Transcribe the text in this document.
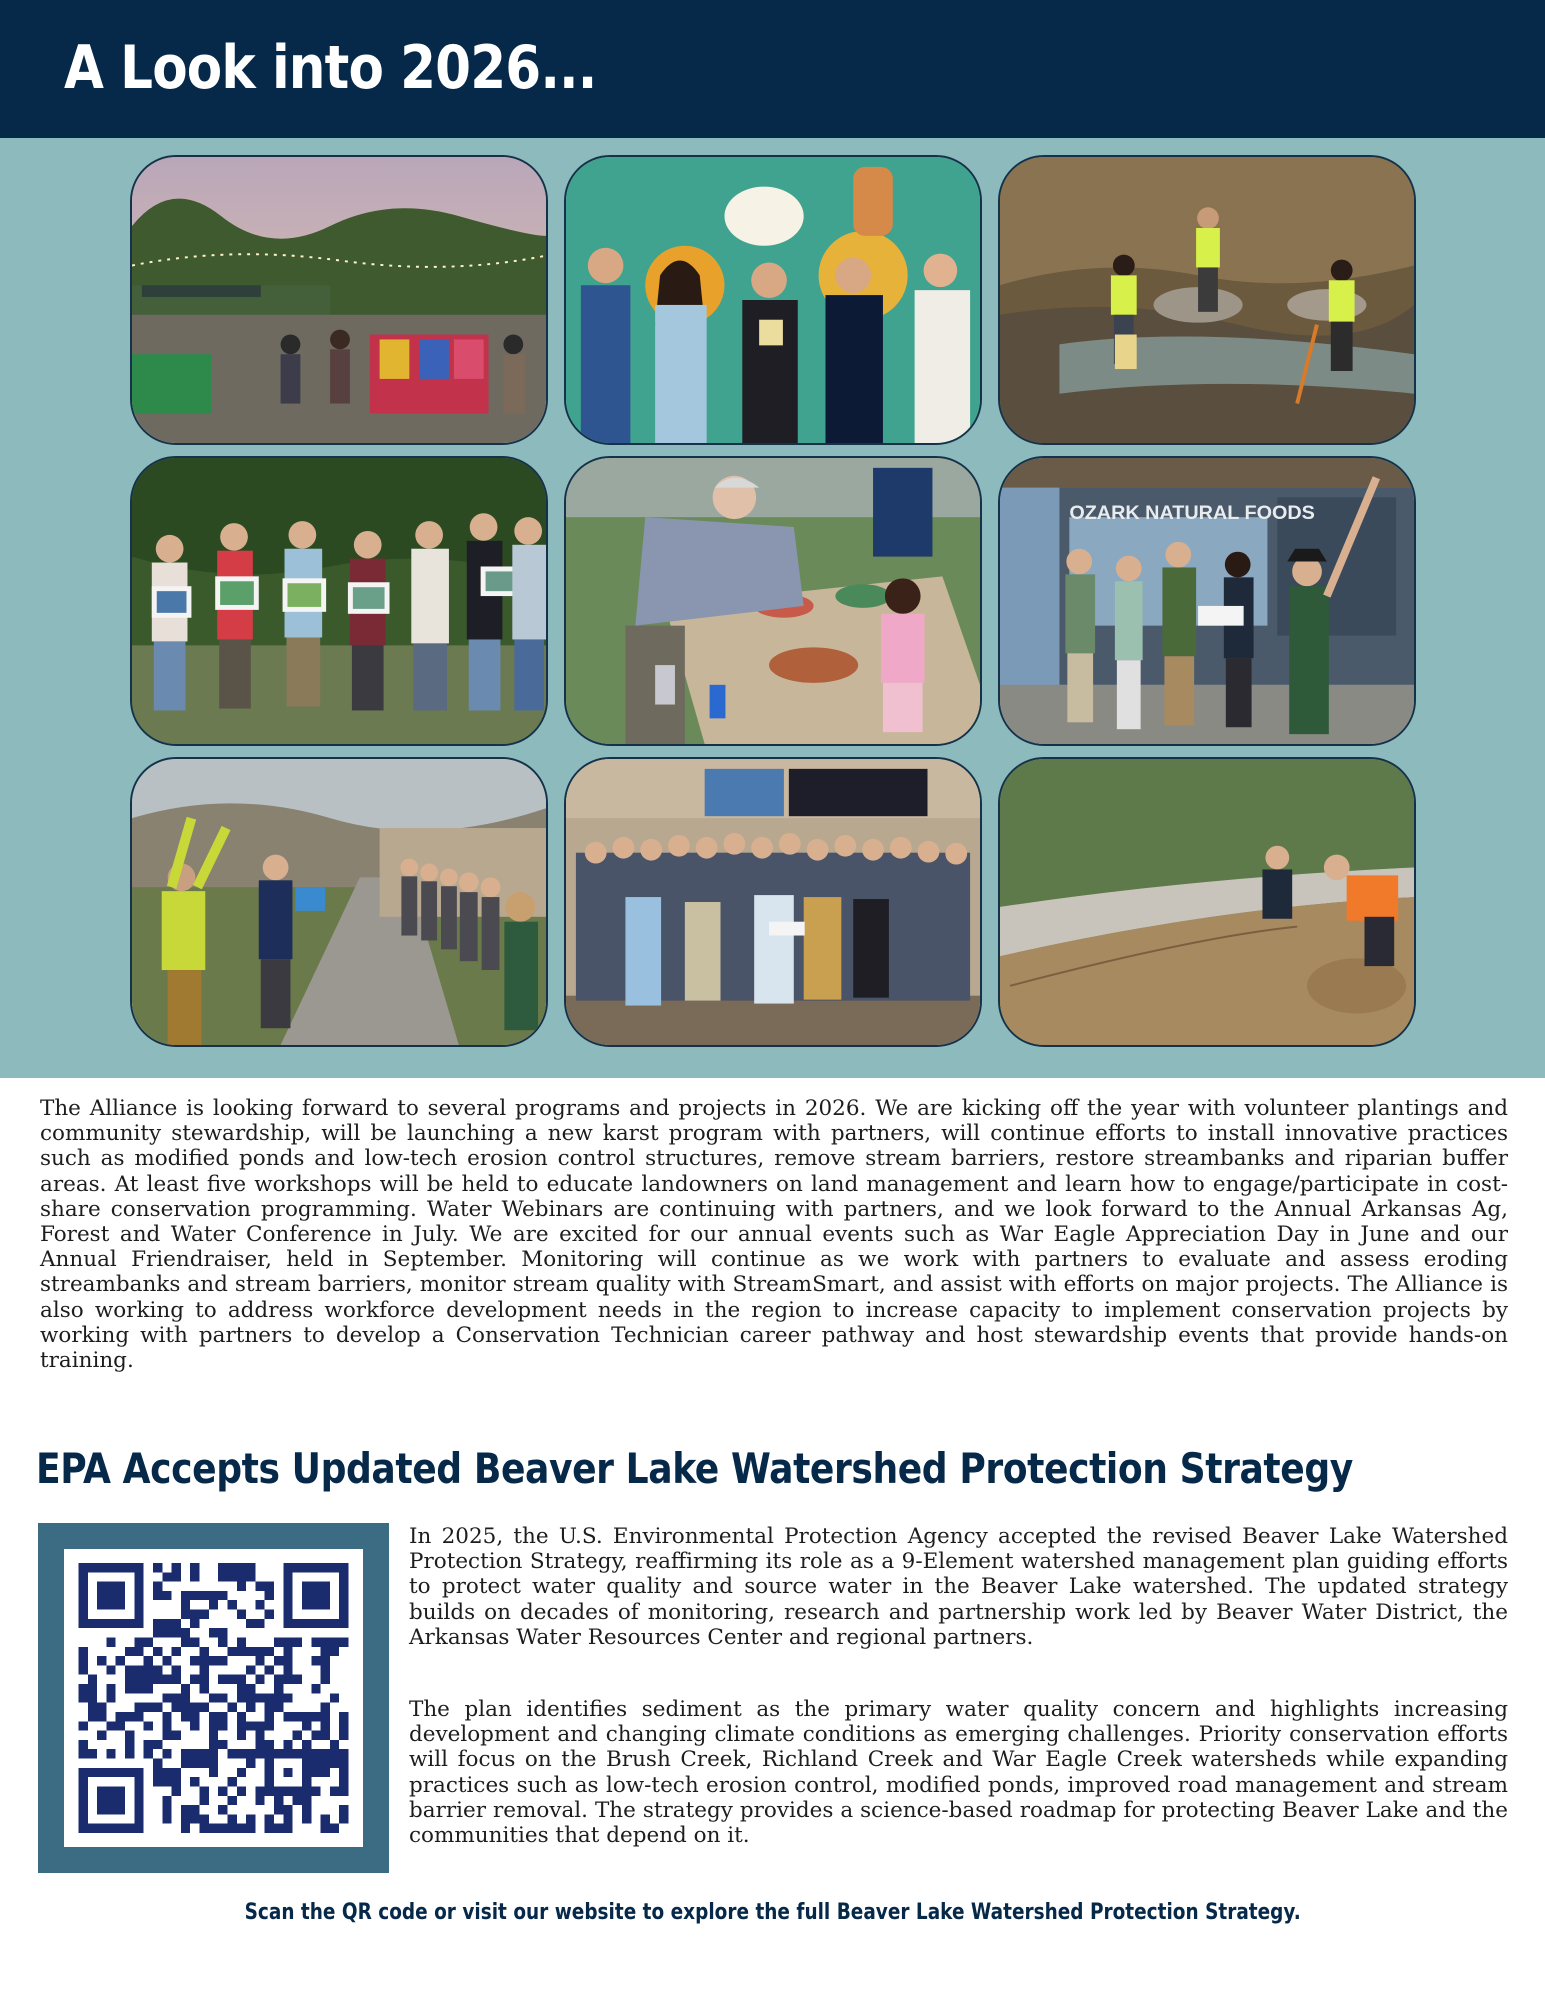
A Look into 2026...
OZARK NATURAL FOODS

The Alliance is looking forward to several programs and projects in 2026. We are kicking off the year with volunteer plantings and community stewardship, will be launching a new karst program with partners, will continue efforts to install innovative practices such as modified ponds and low-tech erosion control structures, remove stream barriers, restore streambanks and riparian buffer areas. At least five workshops will be held to educate landowners on land management and learn how to engage/participate in cost-share conservation programming. Water Webinars are continuing with partners, and we look forward to the Annual Arkansas Ag, Forest and Water Conference in July. We are excited for our annual events such as War Eagle Appreciation Day in June and our Annual Friendraiser, held in September. Monitoring will continue as we work with partners to evaluate and assess eroding streambanks and stream barriers, monitor stream quality with StreamSmart, and assist with efforts on major projects. The Alliance is also working to address workforce development needs in the region to increase capacity to implement conservation projects by working with partners to develop a Conservation Technician career pathway and host stewardship events that provide hands-on training.

EPA Accepts Updated Beaver Lake Watershed Protection Strategy

In 2025, the U.S. Environmental Protection Agency accepted the revised Beaver Lake Watershed Protection Strategy, reaffirming its role as a 9-Element watershed management plan guiding efforts to protect water quality and source water in the Beaver Lake watershed. The updated strategy builds on decades of monitoring, research and partnership work led by Beaver Water District, the Arkansas Water Resources Center and regional partners.

The plan identifies sediment as the primary water quality concern and highlights increasing development and changing climate conditions as emerging challenges. Priority conservation efforts will focus on the Brush Creek, Richland Creek and War Eagle Creek watersheds while expanding practices such as low-tech erosion control, modified ponds, improved road management and stream barrier removal. The strategy provides a science-based roadmap for protecting Beaver Lake and the communities that depend on it.

Scan the QR code or visit our website to explore the full Beaver Lake Watershed Protection Strategy.
